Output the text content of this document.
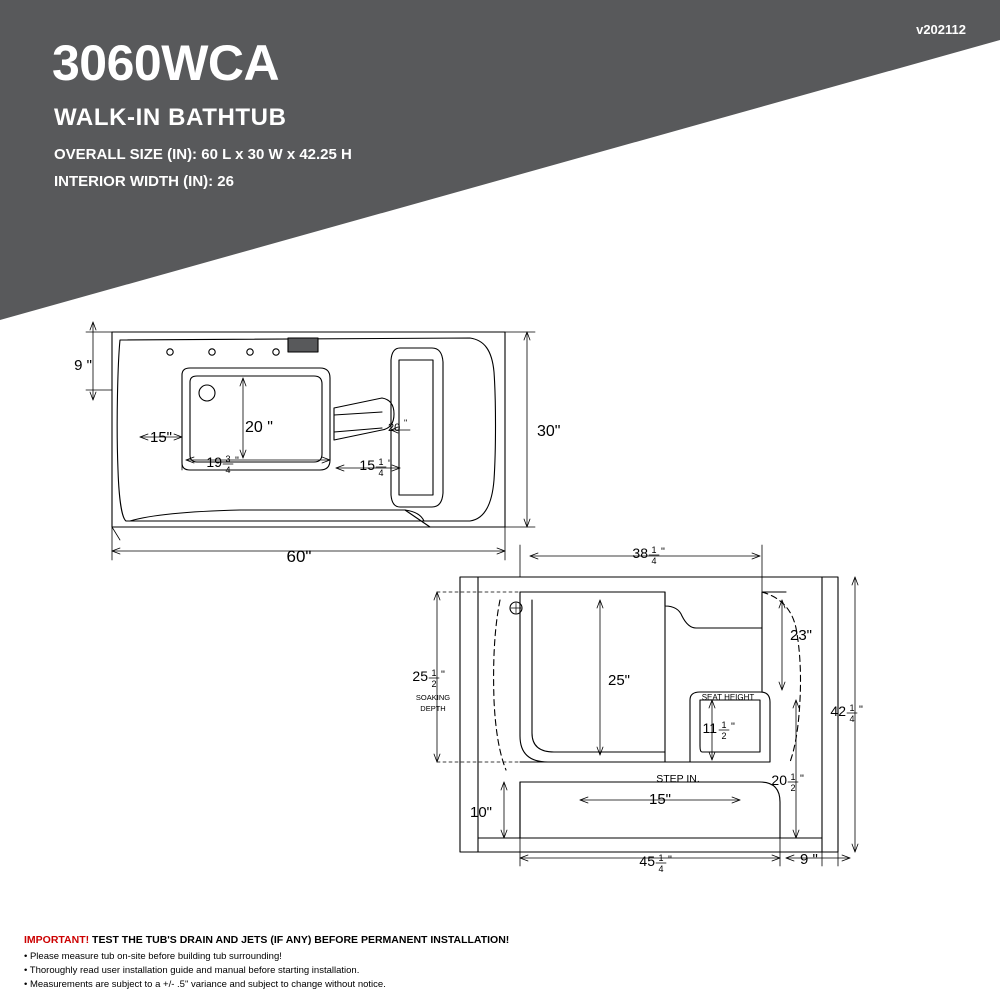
v202112
3060WCA
WALK-IN BATHTUB
OVERALL SIZE (IN): 60 L x 30 W x 42.25 H
INTERIOR WIDTH (IN): 26
9 "
30"
60"
15"
20 "
19 3
4
"	15 1
4
"
20 "
38 1
4
"
25 1
2
"
SOAKING
DEPTH
25"
23"
SEAT HEIGHT
11 1
2
"
42 1
4
"
STEP IN.	20 1
2
"
10"
15"
45 1
4
"	9 "
IMPORTANT! TEST THE TUB'S DRAIN AND JETS (IF ANY) BEFORE PERMANENT INSTALLATION!
• Please measure tub on-site before building tub surrounding!
• Thoroughly read user installation guide and manual before starting installation.
• Measurements are subject to a +/- .5" variance and subject to change without notice.
